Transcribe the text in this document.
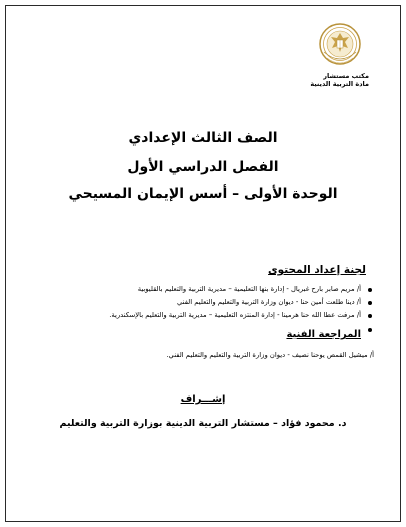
مكتب مستشار
مادة التربية الدينية
الصف الثالث الإعدادي
الفصل الدراسي الأول
الوحدة الأولى – أسس الإيمان المسيحي
لجنة إعداد المحتوى
أ/ مريم صابر بارح غبريال - إدارة بنها التعليمية – مديرية التربية والتعليم بالقليوبية
أ/ دينا طلعت أمين حنا - ديوان وزارة التربية والتعليم والتعليم الفني
أ/ مرفت عطا الله حنا هرمينا - إدارة المنتزه التعليمية – مديرية التربية والتعليم بالإسكندرية.
المراجعة الفنية
أ/ ميشيل القمص يوحنا نصيف - ديوان وزارة التربية والتعليم والتعليم الفني.
إشـــراف
د. محمود فؤاد – مستشار التربية الدينية بوزارة التربية والتعليم
